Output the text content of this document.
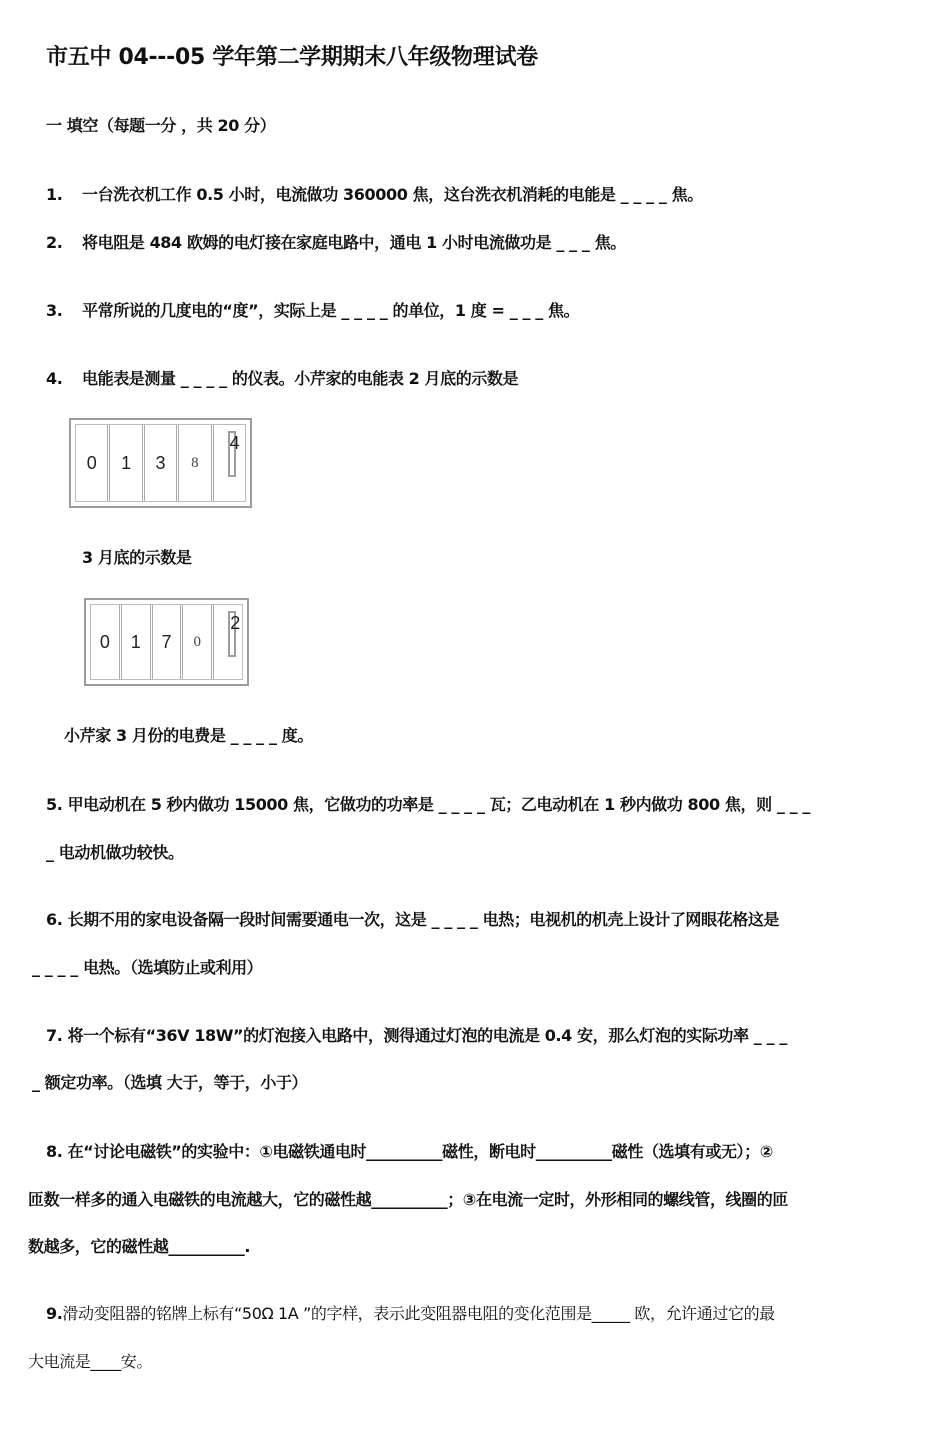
市五中 04---05 学年第二学期期末八年级物理试卷
一 填空（每题一分 ，共 20 分）
1. 一台洗衣机工作 0.5 小时，电流做功 360000 焦，这台洗衣机消耗的电能是 _ _ _ _ 焦。
2. 将电阻是 484 欧姆的电灯接在家庭电路中，通电 1 小时电流做功是 _ _ _ 焦。
3. 平常所说的几度电的“度”，实际上是 _ _ _ _ 的单位，1 度 = _ _ _ 焦。
4. 电能表是测量 _ _ _ _ 的仪表。小芹家的电能表 2 月底的示数是
0	1	3	8
4
3 月底的示数是
0	1	7	0
2
小芹家 3 月份的电费是 _ _ _ _ 度。
5. 甲电动机在 5 秒内做功 15000 焦，它做功的功率是 _ _ _ _ 瓦；乙电动机在 1 秒内做功 800 焦，则 _ _ _
_ 电动机做功较快。
6. 长期不用的家电设备隔一段时间需要通电一次，这是 _ _ _ _ 电热；电视机的机壳上设计了网眼花格这是
_ _ _ _ 电热。（选填防止或利用）
7. 将一个标有“36V 18W”的灯泡接入电路中，测得通过灯泡的电流是 0.4 安，那么灯泡的实际功率 _ _ _
_ 额定功率。（选填 大于，等于，小于）
8. 在“讨论电磁铁”的实验中：①电磁铁通电时__________磁性，断电时__________磁性（选填有或无）；②
匝数一样多的通入电磁铁的电流越大，它的磁性越__________；③在电流一定时，外形相同的螺线管，线圈的匝
数越多，它的磁性越__________.
9.滑动变阻器的铭牌上标有“50Ω 1A ”的字样，表示此变阻器电阻的变化范围是_____ 欧，允许通过它的最
大电流是____安。
